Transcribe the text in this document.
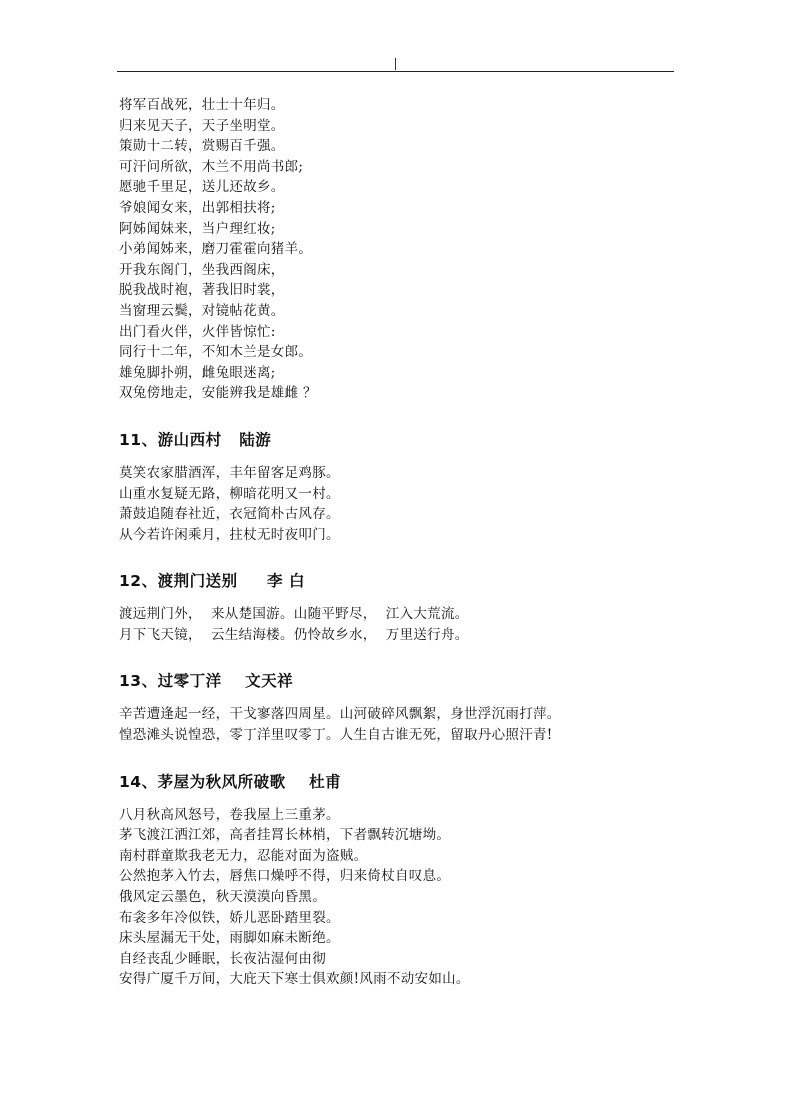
将军百战死，壮士十年归。
归来见天子，天子坐明堂。
策勋十二转，赏赐百千强。
可汗问所欲，木兰不用尚书郎;
愿驰千里足，送儿还故乡。
爷娘闻女来，出郭相扶将;
阿姊闻妹来，当户理红妆;
小弟闻姊来，磨刀霍霍向猪羊。
开我东阁门，坐我西阁床，
脱我战时袍，著我旧时裳，
当窗理云鬓，对镜帖花黄。
出门看火伴，火伴皆惊忙:
同行十二年，不知木兰是女郎。
雄兔脚扑朔，雌兔眼迷离;
双兔傍地走，安能辨我是雄雌 ？
11、游山西村   陆游
莫笑农家腊酒浑，丰年留客足鸡豚。
山重水复疑无路，柳暗花明又一村。
萧鼓追随春社近，衣冠简朴古风存。
从今若许闲乘月，拄杖无时夜叩门。
12、渡荆门送别     李 白
渡远荆门外，  来从楚国游。山随平野尽，  江入大荒流。
月下飞天镜，  云生结海楼。仍怜故乡水，  万里送行舟。
13、过零丁洋    文天祥
辛苦遭逢起一经，干戈寥落四周星。山河破碎风飘絮，身世浮沉雨打萍。
惶恐滩头说惶恐，零丁洋里叹零丁。人生自古谁无死，留取丹心照汗青!
14、茅屋为秋风所破歌    杜甫
八月秋高风怒号，卷我屋上三重茅。
茅飞渡江洒江郊，高者挂罥长林梢，下者飘转沉塘坳。
南村群童欺我老无力，忍能对面为盗贼。
公然抱茅入竹去，唇焦口燥呼不得，归来倚杖自叹息。
俄风定云墨色，秋天漠漠向昏黑。
布衾多年冷似铁，娇儿恶卧踏里裂。
床头屋漏无干处，雨脚如麻未断绝。
自经丧乱少睡眠，长夜沾湿何由彻
安得广厦千万间，大庇天下寒士俱欢颜!风雨不动安如山。
